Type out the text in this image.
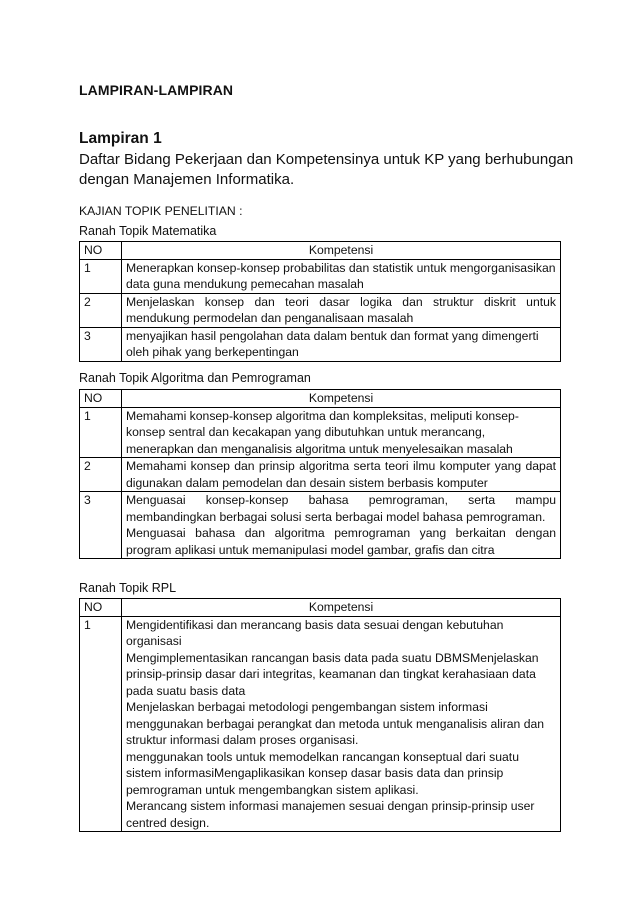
LAMPIRAN-LAMPIRAN
Lampiran 1
Daftar Bidang Pekerjaan dan Kompetensinya untuk KP yang berhubungan dengan Manajemen Informatika.
KAJIAN TOPIK PENELITIAN :
Ranah Topik Matematika
NO	Kompetensi
1	Menerapkan konsep-konsep probabilitas dan statistik untuk mengorganisasikan data guna mendukung pemecahan masalah

2	Menjelaskan konsep dan teori dasar logika dan struktur diskrit untuk mendukung permodelan dan penganalisaan masalah

3	menyajikan hasil pengolahan data dalam bentuk dan format yang dimengerti oleh pihak yang berkepentingan

Ranah Topik Algoritma dan Pemrograman
NO	Kompetensi
1	Memahami konsep-konsep algoritma dan kompleksitas, meliputi konsep-konsep sentral dan kecakapan yang dibutuhkan untuk merancang, menerapkan dan menganalisis algoritma untuk menyelesaikan masalah

2	Memahami konsep dan prinsip algoritma serta teori ilmu komputer yang dapat digunakan dalam pemodelan dan desain sistem berbasis komputer

3	Menguasai konsep-konsep bahasa pemrograman, serta mampu membandingkan berbagai solusi serta berbagai model bahasa pemrograman.

Menguasai bahasa dan algoritma pemrograman yang berkaitan dengan program aplikasi untuk memanipulasi model gambar, grafis dan citra

Ranah Topik RPL
NO	Kompetensi
1	Mengidentifikasi dan merancang basis data sesuai dengan kebutuhan organisasi

Mengimplementasikan rancangan basis data pada suatu DBMSMenjelaskan prinsip-prinsip dasar dari integritas, keamanan dan tingkat kerahasiaan data pada suatu basis data

Menjelaskan berbagai metodologi pengembangan sistem informasi menggunakan berbagai perangkat dan metoda untuk menganalisis aliran dan struktur informasi dalam proses organisasi.

menggunakan tools untuk memodelkan rancangan konseptual dari suatu sistem informasiMengaplikasikan konsep dasar basis data dan prinsip pemrograman untuk mengembangkan sistem aplikasi.

Merancang sistem informasi manajemen sesuai dengan prinsip-prinsip user centred design.
